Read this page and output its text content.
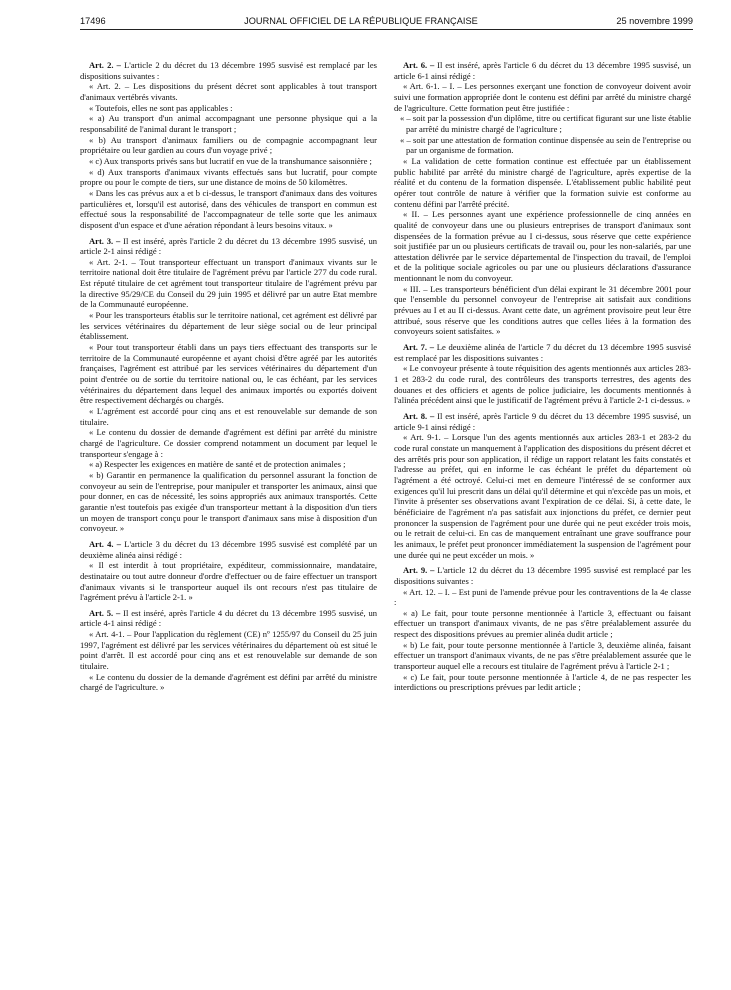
17496	JOURNAL OFFICIEL DE LA RÉPUBLIQUE FRANÇAISE	25 novembre 1999

Art. 2. – L'article 2 du décret du 13 décembre 1995 susvisé est remplacé par les dispositions suivantes :

« Art. 2. – Les dispositions du présent décret sont applicables à tout transport d'animaux vertébrés vivants.

« Toutefois, elles ne sont pas applicables :

« a) Au transport d'un animal accompagnant une personne physique qui a la responsabilité de l'animal durant le transport ;

« b) Au transport d'animaux familiers ou de compagnie accompagnant leur propriétaire ou leur gardien au cours d'un voyage privé ;

« c) Aux transports privés sans but lucratif en vue de la transhumance saisonnière ;

« d) Aux transports d'animaux vivants effectués sans but lucratif, pour compte propre ou pour le compte de tiers, sur une distance de moins de 50 kilomètres.

« Dans les cas prévus aux a et b ci-dessus, le transport d'animaux dans des voitures particulières et, lorsqu'il est autorisé, dans des véhicules de transport en commun est effectué sous la responsabilité de l'accompagnateur de telle sorte que les animaux disposent d'un espace et d'une aération répondant à leurs besoins vitaux. »

Art. 3. – Il est inséré, après l'article 2 du décret du 13 décembre 1995 susvisé, un article 2-1 ainsi rédigé :

« Art. 2-1. – Tout transporteur effectuant un transport d'animaux vivants sur le territoire national doit être titulaire de l'agrément prévu par l'article 277 du code rural. Est réputé titulaire de cet agrément tout transporteur titulaire de l'agrément prévu par la directive 95/29/CE du Conseil du 29 juin 1995 et délivré par un autre Etat membre de la Communauté européenne.

« Pour les transporteurs établis sur le territoire national, cet agrément est délivré par les services vétérinaires du département de leur siège social ou de leur principal établissement.

« Pour tout transporteur établi dans un pays tiers effectuant des transports sur le territoire de la Communauté européenne et ayant choisi d'être agréé par les autorités françaises, l'agrément est attribué par les services vétérinaires du département d'un point d'entrée ou de sortie du territoire national ou, le cas échéant, par les services vétérinaires du département dans lequel des animaux importés ou exportés doivent être respectivement déchargés ou chargés.

« L'agrément est accordé pour cinq ans et est renouvelable sur demande de son titulaire.

« Le contenu du dossier de demande d'agrément est défini par arrêté du ministre chargé de l'agriculture. Ce dossier comprend notamment un document par lequel le transporteur s'engage à :

« a) Respecter les exigences en matière de santé et de protection animales ;

« b) Garantir en permanence la qualification du personnel assurant la fonction de convoyeur au sein de l'entreprise, pour manipuler et transporter les animaux, ainsi que pour donner, en cas de nécessité, les soins appropriés aux animaux transportés. Cette garantie n'est toutefois pas exigée d'un transporteur mettant à la disposition d'un tiers un moyen de transport conçu pour le transport d'animaux sans mise à disposition d'un convoyeur. »

Art. 4. – L'article 3 du décret du 13 décembre 1995 susvisé est complété par un deuxième alinéa ainsi rédigé :

« Il est interdit à tout propriétaire, expéditeur, commissionnaire, mandataire, destinataire ou tout autre donneur d'ordre d'effectuer ou de faire effectuer un transport d'animaux vivants si le transporteur auquel ils ont recours n'est pas titulaire de l'agrément prévu à l'article 2-1. »

Art. 5. – Il est inséré, après l'article 4 du décret du 13 décembre 1995 susvisé, un article 4-1 ainsi rédigé :

« Art. 4-1. – Pour l'application du règlement (CE) nº 1255/97 du Conseil du 25 juin 1997, l'agrément est délivré par les services vétérinaires du département où est situé le point d'arrêt. Il est accordé pour cinq ans et est renouvelable sur demande de son titulaire.

« Le contenu du dossier de la demande d'agrément est défini par arrêté du ministre chargé de l'agriculture. »

Art. 6. – Il est inséré, après l'article 6 du décret du 13 décembre 1995 susvisé, un article 6-1 ainsi rédigé :

« Art. 6-1. – I. – Les personnes exerçant une fonction de convoyeur doivent avoir suivi une formation appropriée dont le contenu est défini par arrêté du ministre chargé de l'agriculture. Cette formation peut être justifiée :

« – soit par la possession d'un diplôme, titre ou certificat figurant sur une liste établie par arrêté du ministre chargé de l'agriculture ;

« – soit par une attestation de formation continue dispensée au sein de l'entreprise ou par un organisme de formation.

« La validation de cette formation continue est effectuée par un établissement public habilité par arrêté du ministre chargé de l'agriculture, après expertise de la réalité et du contenu de la formation dispensée. L'établissement public habilité peut opérer tout contrôle de nature à vérifier que la formation suivie est conforme au contenu défini par l'arrêté précité.

« II. – Les personnes ayant une expérience professionnelle de cinq années en qualité de convoyeur dans une ou plusieurs entreprises de transport d'animaux sont dispensées de la formation prévue au I ci-dessus, sous réserve que cette expérience soit justifiée par un ou plusieurs certificats de travail ou, pour les non-salariés, par une attestation délivrée par le service départemental de l'inspection du travail, de l'emploi et de la politique sociale agricoles ou par une ou plusieurs déclarations d'assurance mentionnant le nom du convoyeur.

« III. – Les transporteurs bénéficient d'un délai expirant le 31 décembre 2001 pour que l'ensemble du personnel convoyeur de l'entreprise ait satisfait aux conditions prévues au I et au II ci-dessus. Avant cette date, un agrément provisoire peut leur être attribué, sous réserve que les conditions autres que celles liées à la formation des convoyeurs soient satisfaites. »

Art. 7. – Le deuxième alinéa de l'article 7 du décret du 13 décembre 1995 susvisé est remplacé par les dispositions suivantes :

« Le convoyeur présente à toute réquisition des agents mentionnés aux articles 283-1 et 283-2 du code rural, des contrôleurs des transports terrestres, des agents des douanes et des officiers et agents de police judiciaire, les documents mentionnés à l'alinéa précédent ainsi que le justificatif de l'agrément prévu à l'article 2-1 ci-dessus. »

Art. 8. – Il est inséré, après l'article 9 du décret du 13 décembre 1995 susvisé, un article 9-1 ainsi rédigé :

« Art. 9-1. – Lorsque l'un des agents mentionnés aux articles 283-1 et 283-2 du code rural constate un manquement à l'application des dispositions du présent décret et des arrêtés pris pour son application, il rédige un rapport relatant les faits constatés et l'adresse au préfet, qui en informe le cas échéant le préfet du département où l'agrément a été octroyé. Celui-ci met en demeure l'intéressé de se conformer aux exigences qu'il lui prescrit dans un délai qu'il détermine et qui n'excède pas un mois, et l'invite à présenter ses observations avant l'expiration de ce délai. Si, à cette date, le bénéficiaire de l'agrément n'a pas satisfait aux injonctions du préfet, ce dernier peut prononcer la suspension de l'agrément pour une durée qui ne peut excéder trois mois, ou le retrait de celui-ci. En cas de manquement entraînant une grave souffrance pour les animaux, le préfet peut prononcer immédiatement la suspension de l'agrément pour une durée qui ne peut excéder un mois. »

Art. 9. – L'article 12 du décret du 13 décembre 1995 susvisé est remplacé par les dispositions suivantes :

« Art. 12. – I. – Est puni de l'amende prévue pour les contraventions de la 4e classe :

« a) Le fait, pour toute personne mentionnée à l'article 3, effectuant ou faisant effectuer un transport d'animaux vivants, de ne pas s'être préalablement assurée du respect des dispositions prévues au premier alinéa dudit article ;

« b) Le fait, pour toute personne mentionnée à l'article 3, deuxième alinéa, faisant effectuer un transport d'animaux vivants, de ne pas s'être préalablement assurée que le transporteur auquel elle a recours est titulaire de l'agrément prévu à l'article 2-1 ;

« c) Le fait, pour toute personne mentionnée à l'article 4, de ne pas respecter les interdictions ou prescriptions prévues par ledit article ;
